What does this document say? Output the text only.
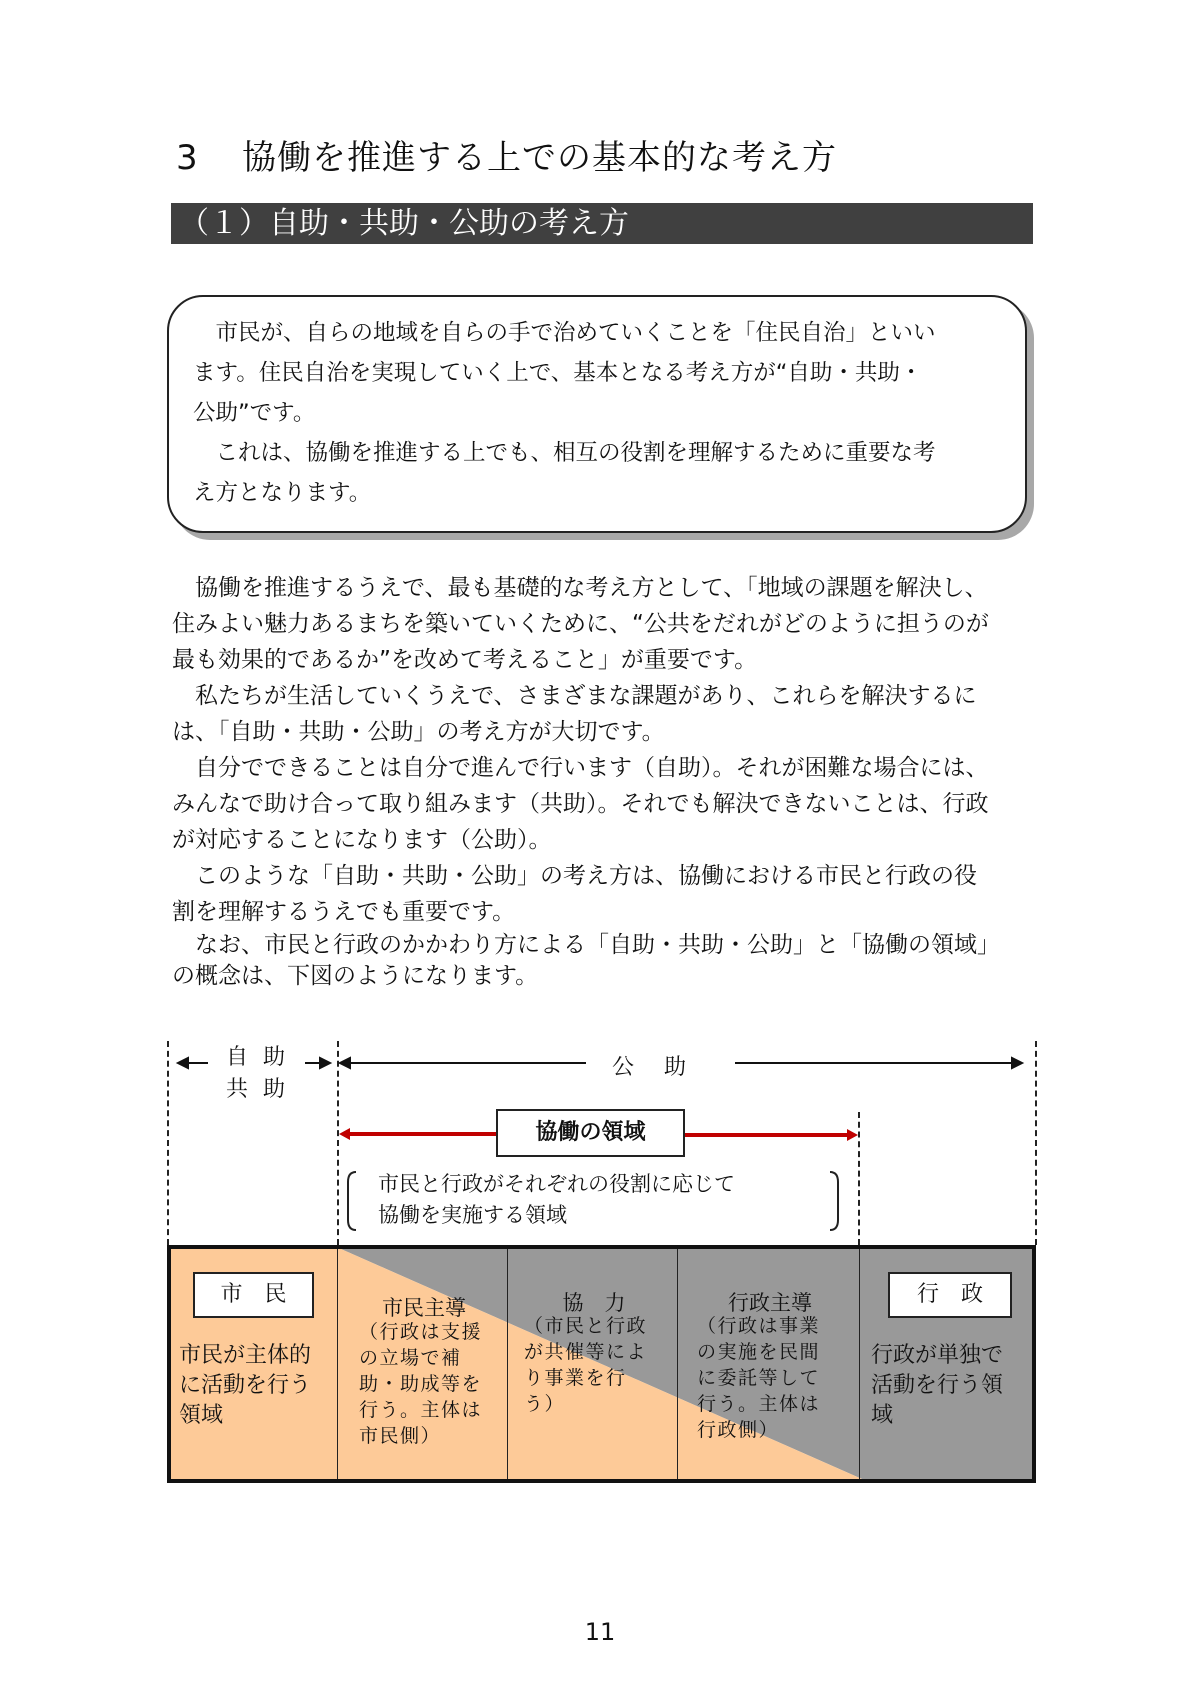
3 協働を推進する上での基本的な考え方
（１）自助・共助・公助の考え方
　市民が、自らの地域を自らの手で治めていくことを「住民自治」といい
ます。住民自治を実現していく上で、基本となる考え方が“自助・共助・
公助”です。
　これは、協働を推進する上でも、相互の役割を理解するために重要な考
え方となります。
　協働を推進するうえで、最も基礎的な考え方として、「地域の課題を解決し、
住みよい魅力あるまちを築いていくために、“公共をだれがどのように担うのが
最も効果的であるか”を改めて考えること」が重要です。
　私たちが生活していくうえで、さまざまな課題があり、これらを解決するに
は、「自助・共助・公助」の考え方が大切です。
　自分でできることは自分で進んで行います（自助）。それが困難な場合には、
みんなで助け合って取り組みます（共助）。それでも解決できないことは、行政
が対応することになります（公助）。
　このような「自助・共助・公助」の考え方は、協働における市民と行政の役
割を理解するうえでも重要です。
　なお、市民と行政のかかわり方による「自助・共助・公助」と「協働の領域」
の概念は、下図のようになります。
自 助
共 助
公　助
協働の領域
市民と行政がそれぞれの役割に応じて
協働を実施する領域
市　民
市民が主体的に活動を行う領域
市民主導
（行政は支援の立場で補助・助成等を行う。主体は市民側）
協　力
（市民と行政が共催等により事業を行う）
行政主導
（行政は事業の実施を民間に委託等して行う。主体は行政側）
行　政
行政が単独で活動を行う領域
11
